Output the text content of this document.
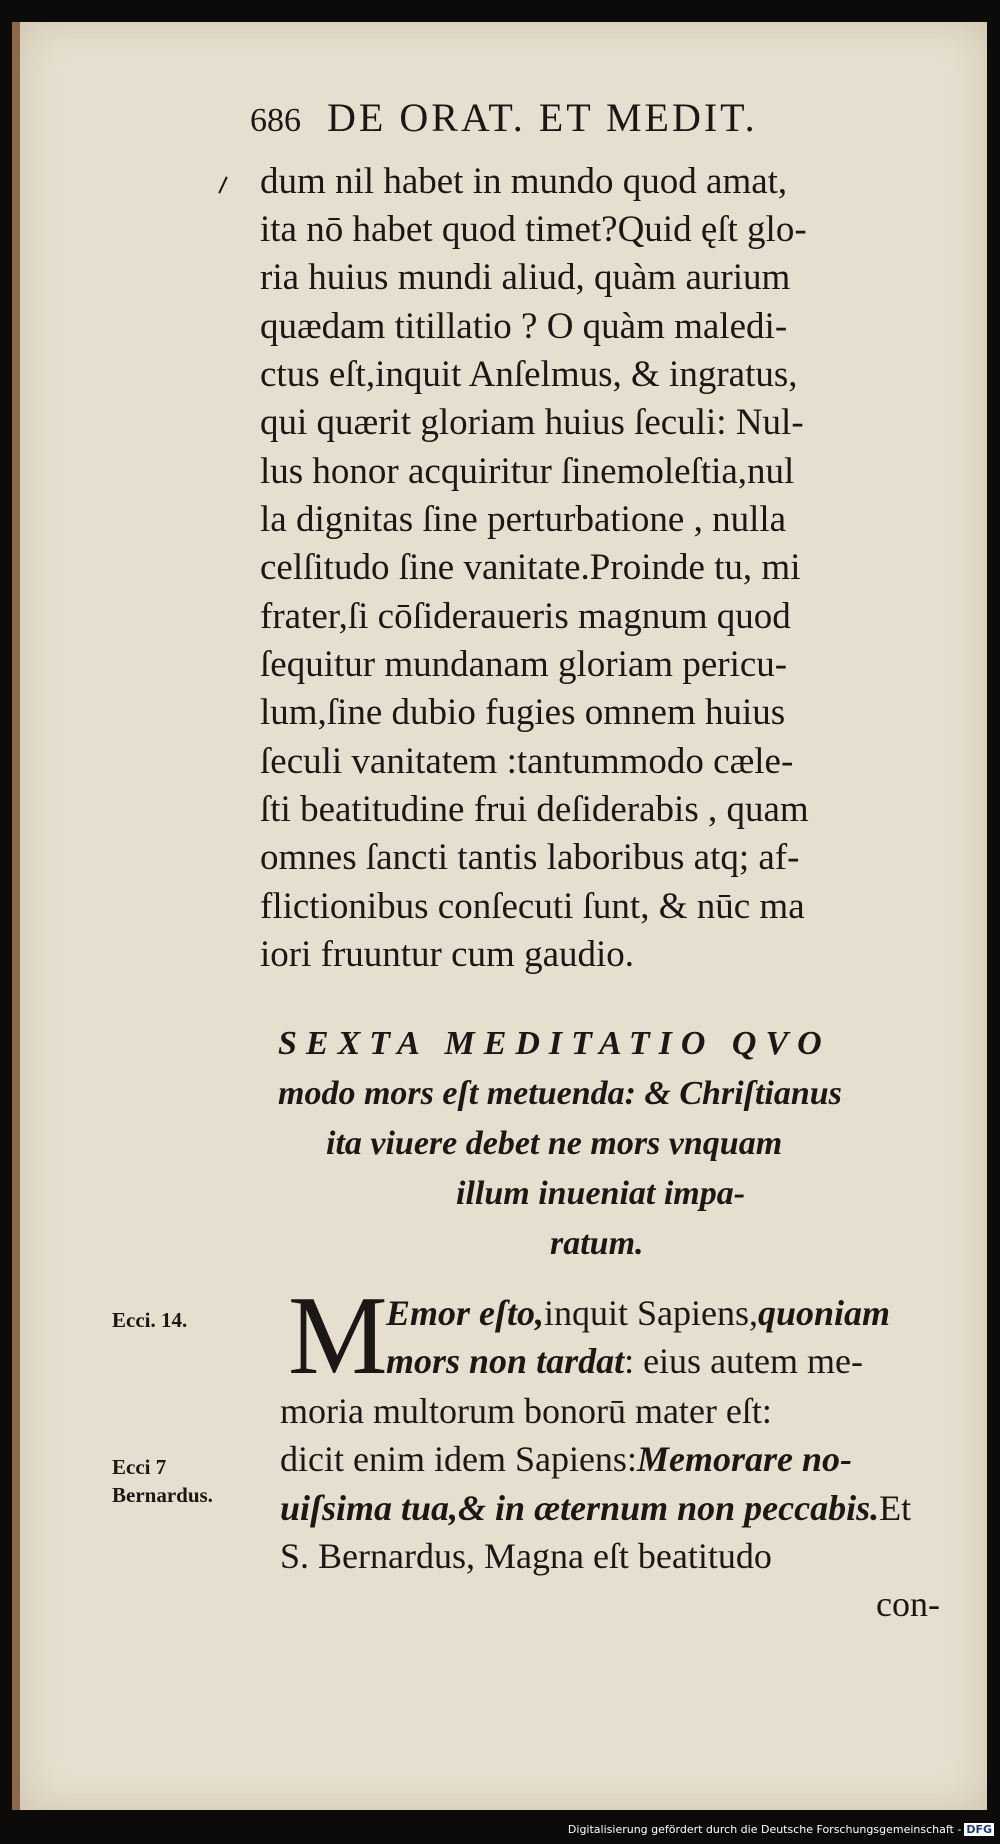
686 DE ORAT. ET MEDIT.
dum nil habet in mundo quod amat,
ita nō habet quod timet?Quid ęſt glo-
ria huius mundi aliud, quàm aurium
quædam titillatio ? O quàm maledi-
ctus eſt,inquit Anſelmus, & ingratus,
qui quærit gloriam huius ſeculi: Nul-
lus honor acquiritur ſinemoleſtia,nul
la dignitas ſine perturbatione , nulla
celſitudo ſine vanitate.Proinde tu, mi
frater,ſi cōſideraueris magnum quod
ſequitur mundanam gloriam pericu-
lum,ſine dubio fugies omnem huius
ſeculi vanitatem :tantummodo cæle-
ſti beatitudine frui deſiderabis , quam
omnes ſancti tantis laboribus atq; af-
flictionibus conſecuti ſunt, & nūc ma
iori fruuntur cum gaudio.
SEXTA MEDITATIO QVO
modo mors eſt metuenda: & Chriſtianus
ita viuere debet ne mors vnquam
illum inueniat impa-
ratum.
Ecci. 14.
Ecci 7
Bernardus.
M
Emor eſto,inquit Sapiens,quoniam
mors non tardat: eius autem me-
moria multorum bonorū mater eſt:
dicit enim idem Sapiens:Memorare no-
uiſsima tua,& in æternum non peccabis.Et
S. Bernardus, Magna eſt beatitudo
con-
Digitalisierung gefördert durch die Deutsche Forschungsgemeinschaft - DFG
